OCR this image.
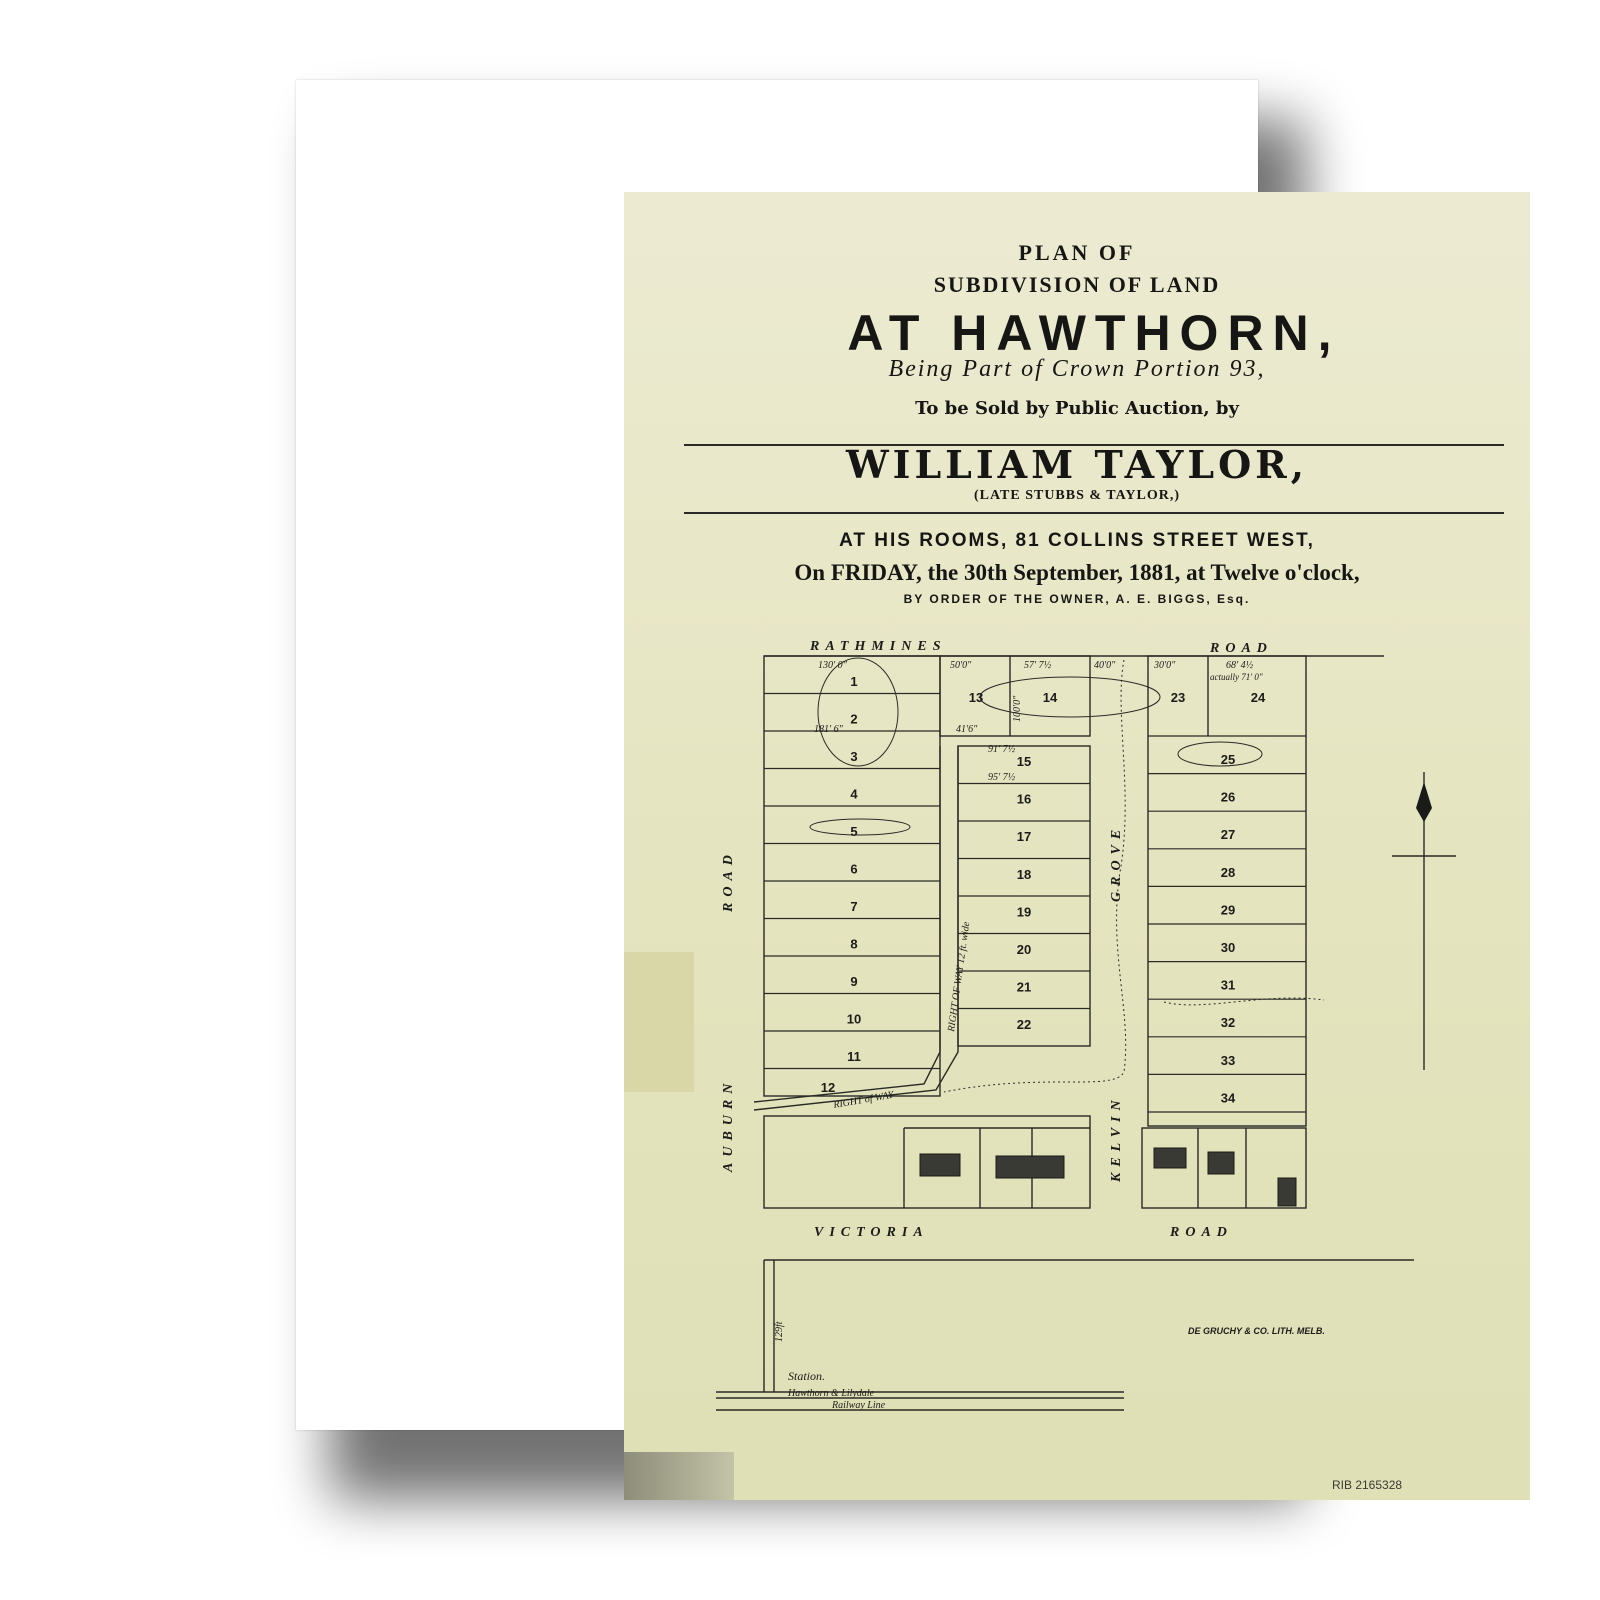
PLAN OF
SUBDIVISION OF LAND
AT HAWTHORN,
Being Part of Crown Portion 93,
To be Sold by Public Auction, by
WILLIAM TAYLOR,
(LATE STUBBS & TAYLOR,)
AT HIS ROOMS, 81 COLLINS STREET WEST,
On FRIDAY, the 30th September, 1881, at Twelve o'clock,
BY ORDER OF THE OWNER, A. E. BIGGS, Esq.
1
2
3
4
5
6
7
8
9
10
11
12
13	14
15
16
17
18
19
20
21
22
23	24
25
26
27
28
29
30
31
32
33
34
RATHMINES	ROAD
VICTORIA	ROAD
AUBURN
ROAD
KELVIN
GROVE
RIGHT OF WAY 12 ft. wide
RIGHT of WAY
Station.
Hawthorn & Lilydale
Railway Line
130' 0"	50'0"	57' 7½	40'0"	30'0"	68' 4½
actually 71' 0"
181' 6"	41'6"
91' 7½
95' 7½
100'0"
129ft	DE GRUCHY & CO. LITH. MELB.
RIB 2165328
